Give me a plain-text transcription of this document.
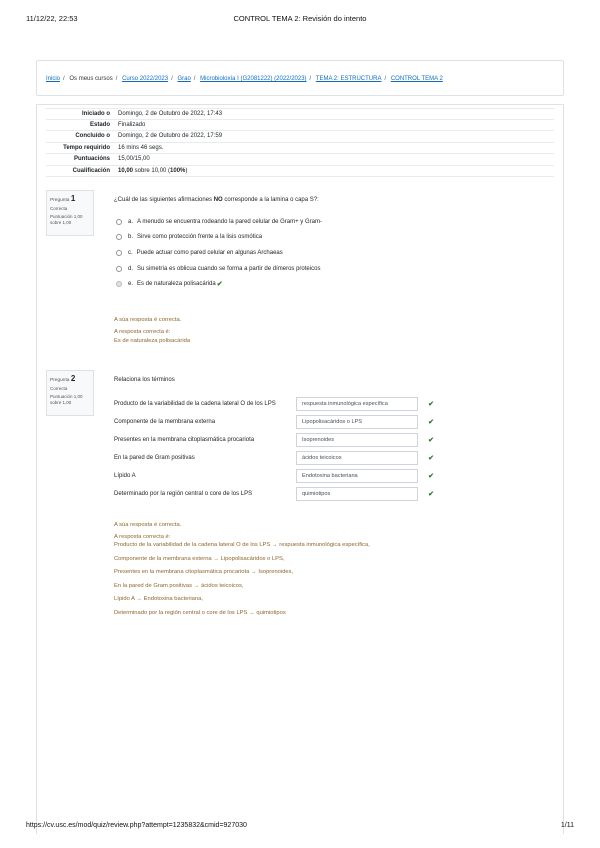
11/12/22, 22:53	CONTROL TEMA 2: Revisión do intento
Inicio / Os meus cursos / Curso 2022/2023 / Grao / Microbioloxía I (G2081222) (2022/2023) / TEMA 2: ESTRUCTURA / CONTROL TEMA 2
Iniciado o	Domingo, 2 de Outubro de 2022, 17:43
Estado	Finalizado
Concluído o	Domingo, 2 de Outubro de 2022, 17:59
Tempo requirido	16 mins 46 segs.
Puntuacións	15,00/15,00
Cualificación	10,00 sobre 10,00 (100%)
Pregunta 1
Correcta
Puntuación 1,00 sobre 1,00
¿Cuál de las siguientes afirmaciones NO corresponde a la lamina o capa S?:
a. A menudo se encuentra rodeando la pared celular de Gram+ y Gram-
b. Sirve como protección frente a la lisis osmótica
c. Puede actuar como pared celular en algunas Archaeas
d. Su simetría es oblicua cuando se forma a partir de dímeros proteicos
e. Es de naturaleza polisacárida ✔
A súa resposta é correcta.
A resposta correcta é:
Es de naturaleza polisacárida
Pregunta 2
Correcta
Puntuación 1,00 sobre 1,00
Relaciona los términos
Producto de la variabilidad de la cadena lateral O de los LPS	respuesta inmunológica específica	✔
Componente de la membrana externa	Lipopolisacáridos o LPS	✔
Presentes en la membrana citoplasmática procariota	Isoprenoides	✔
En la pared de Gram positivas	ácidos teicoicos	✔
Lípido A	Endotoxina bacteriana	✔
Determinado por la región central o core de los LPS	quimiotipos	✔
A súa resposta é correcta.
A resposta correcta é:
Producto de la variabilidad de la cadena lateral O de los LPS → respuesta inmunológica específica,
Componente de la membrana externa → Lipopolisacáridos o LPS,
Presentes en la membrana citoplasmática procariota → Isoprenoides,
En la pared de Gram positivas → ácidos teicoicos,
Lípido A → Endotoxina bacteriana,
Determinado por la región central o core de los LPS → quimiotipos
https://cv.usc.es/mod/quiz/review.php?attempt=1235832&cmid=927030	1/11
